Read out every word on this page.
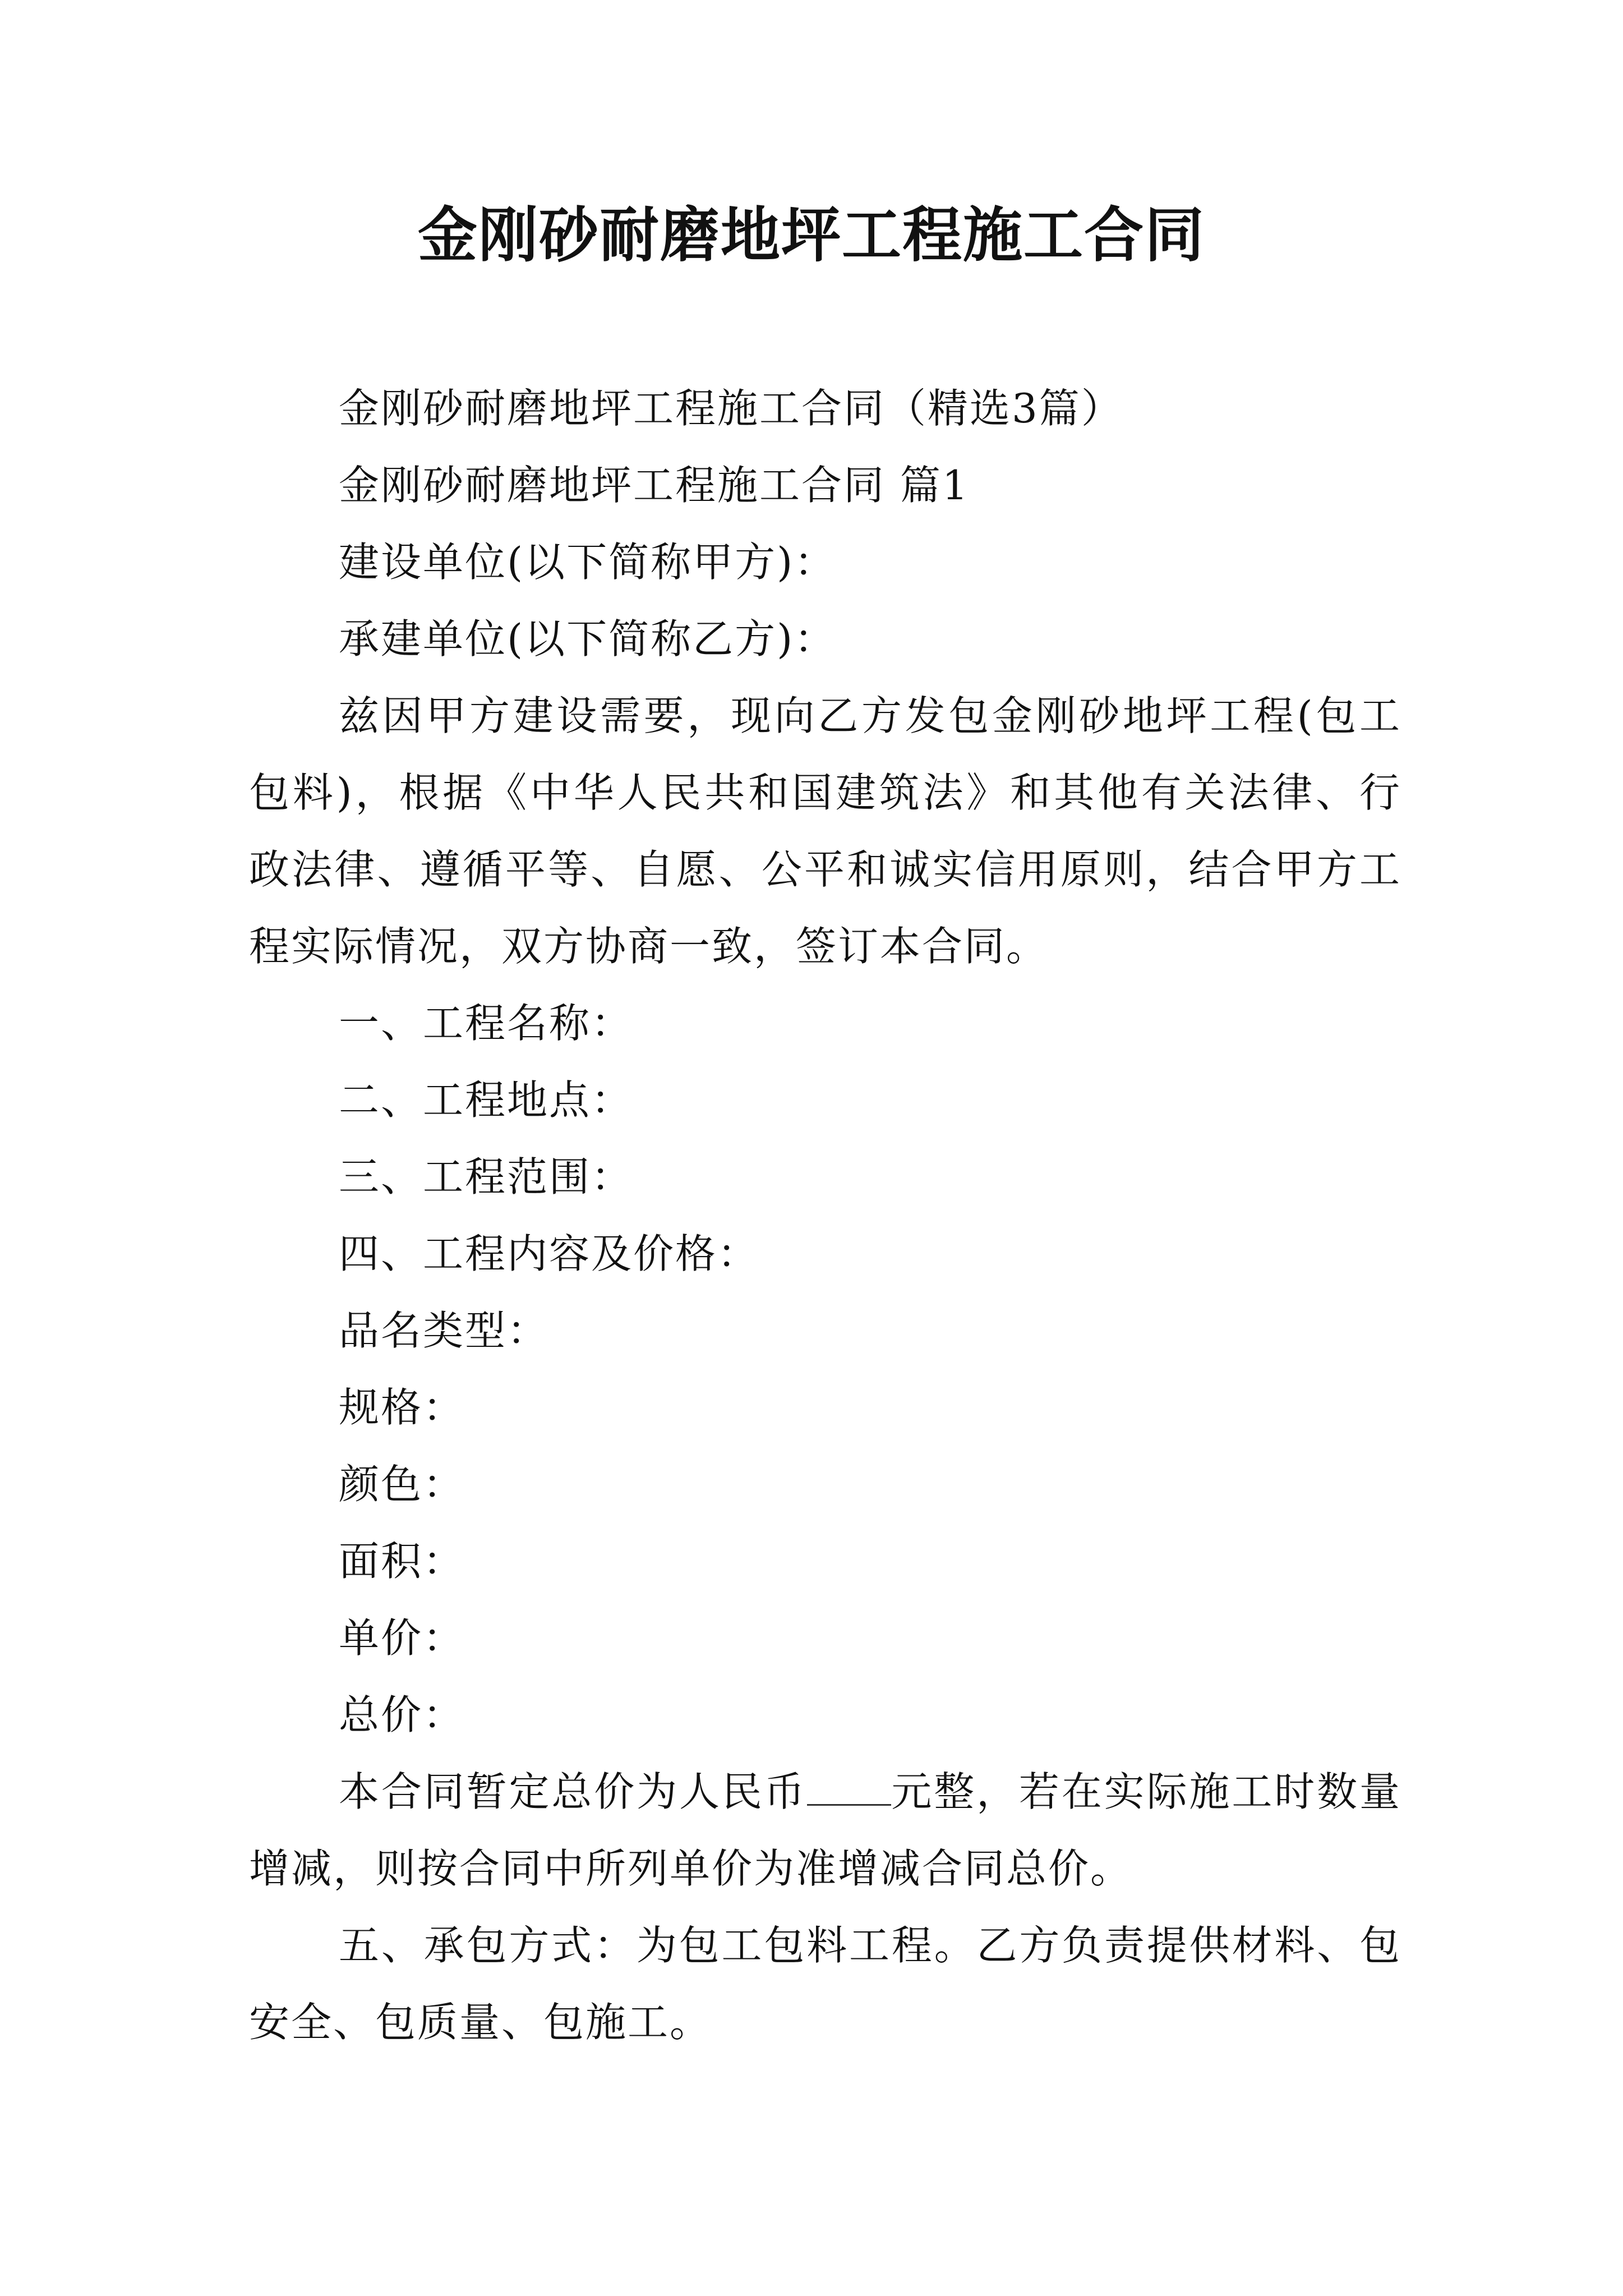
金刚砂耐磨地坪工程施工合同

金刚砂耐磨地坪工程施工合同（精选3篇）

金刚砂耐磨地坪工程施工合同 篇1

建设单位(以下简称甲方)：

承建单位(以下简称乙方)：

兹因甲方建设需要，现向乙方发包金刚砂地坪工程(包工包料)，根据《中华人民共和国建筑法》和其他有关法律、行政法律、遵循平等、自愿、公平和诚实信用原则，结合甲方工程实际情况，双方协商一致，签订本合同。

一、工程名称：

二、工程地点：

三、工程范围：

四、工程内容及价格：

品名类型：

规格：

颜色：

面积：

单价：

总价：

本合同暂定总价为人民币 元整，若在实际施工时数量增减，则按合同中所列单价为准增减合同总价。

五、承包方式：为包工包料工程。乙方负责提供材料、包安全、包质量、包施工。
